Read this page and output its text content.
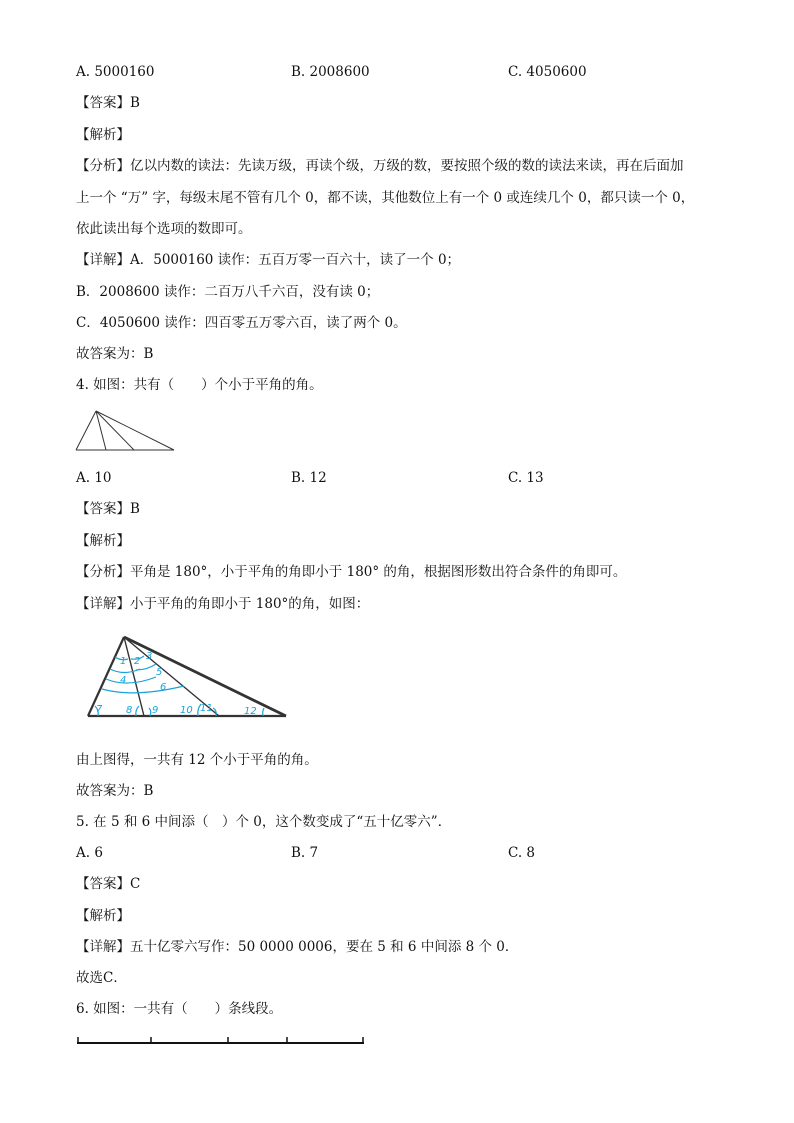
A. 5000160	B. 2008600	C. 4050600
【答案】B
【解析】
【分析】亿以内数的读法：先读万级，再读个级，万级的数，要按照个级的数的读法来读，再在后面加
上一个 “万” 字，每级末尾不管有几个 0，都不读，其他数位上有一个 0 或连续几个 0，都只读一个 0，
依此读出每个选项的数即可。
【详解】A．5000160 读作：五百万零一百六十，读了一个 0；
B．2008600 读作：二百万八千六百，没有读 0；
C．4050600 读作：四百零五万零六百，读了两个 0。
故答案为：B
4. 如图：共有（　　）个小于平角的角。
A. 10	B. 12	C. 13
【答案】B
【解析】
【分析】平角是 180°，小于平角的角即小于 180° 的角，根据图形数出符合条件的角即可。
【详解】小于平角的角即小于 180°的角，如图：
1 2 3
4
5
6
7 8 9 10 11	12
由上图得，一共有 12 个小于平角的角。
故答案为：B
5. 在 5 和 6 中间添（　）个 0，这个数变成了“五十亿零六”．
A. 6	B. 7	C. 8
【答案】C
【解析】
【详解】五十亿零六写作：50 0000 0006，要在 5 和 6 中间添 8 个 0．
故选C．
6. 如图：一共有（　　）条线段。
